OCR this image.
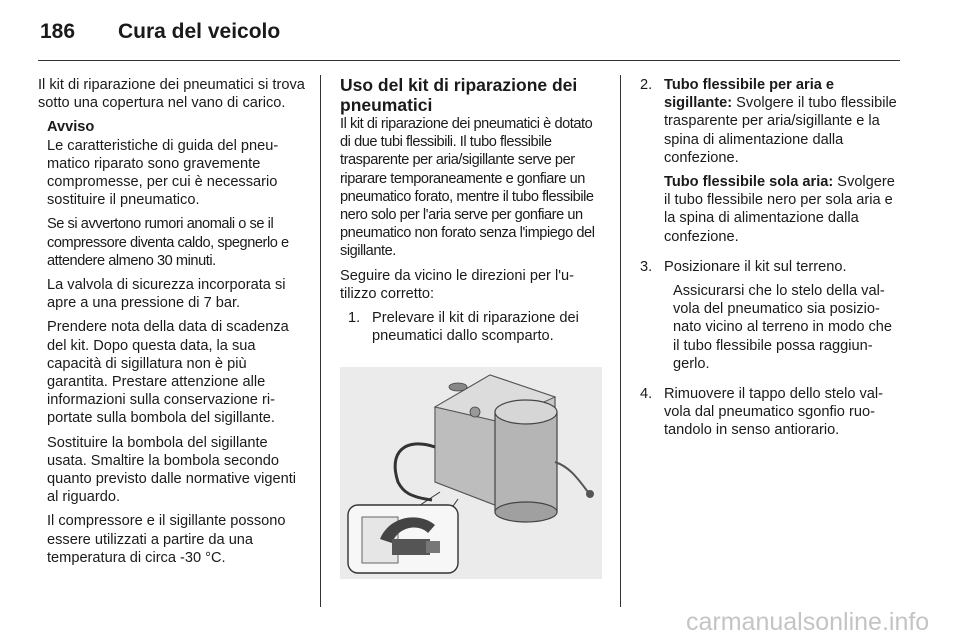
186 Cura del veicolo

Il kit di riparazione dei pneumatici si trova sotto una copertura nel vano di carico.

Avviso

Le caratteristiche di guida del pneumatico riparato sono gravemente compromesse, per cui è necessario sostituire il pneumatico.

Se si avvertono rumori anomali o se il compressore diventa caldo, spegnerlo e attendere almeno 30 minuti.

La valvola di sicurezza incorporata si apre a una pressione di 7 bar.

Prendere nota della data di scadenza del kit. Dopo questa data, la sua capacità di sigillatura non è più garantita. Prestare attenzione alle informazioni sulla conservazione riportate sulla bombola del sigillante.

Sostituire la bombola del sigillante usata. Smaltire la bombola secondo quanto previsto dalle normative vigenti al riguardo.

Il compressore e il sigillante possono essere utilizzati a partire da una temperatura di circa -30 °C.

Uso del kit di riparazione dei pneumatici

Il kit di riparazione dei pneumatici è dotato di due tubi flessibili. Il tubo flessibile trasparente per aria/sigillante serve per riparare temporaneamente e gonfiare un pneumatico forato, mentre il tubo flessibile nero solo per l'aria serve per gonfiare un pneumatico non forato senza l'impiego del sigillante.

Seguire da vicino le direzioni per l'utilizzo corretto:

1. Prelevare il kit di riparazione dei pneumatici dallo scomparto.
2. Tubo flessibile per aria e sigillante: Svolgere il tubo flessibile trasparente per aria/sigillante e la spina di alimentazione dalla confezione.

Tubo flessibile sola aria: Svolgere il tubo flessibile nero per sola aria e la spina di alimentazione dalla confezione.

3. Posizionare il kit sul terreno.

Assicurarsi che lo stelo della valvola del pneumatico sia posizionato vicino al terreno in modo che il tubo flessibile possa raggiungerlo.

4. Rimuovere il tappo dello stelo valvola dal pneumatico sgonfio ruotandolo in senso antiorario.
carmanualsonline.info
